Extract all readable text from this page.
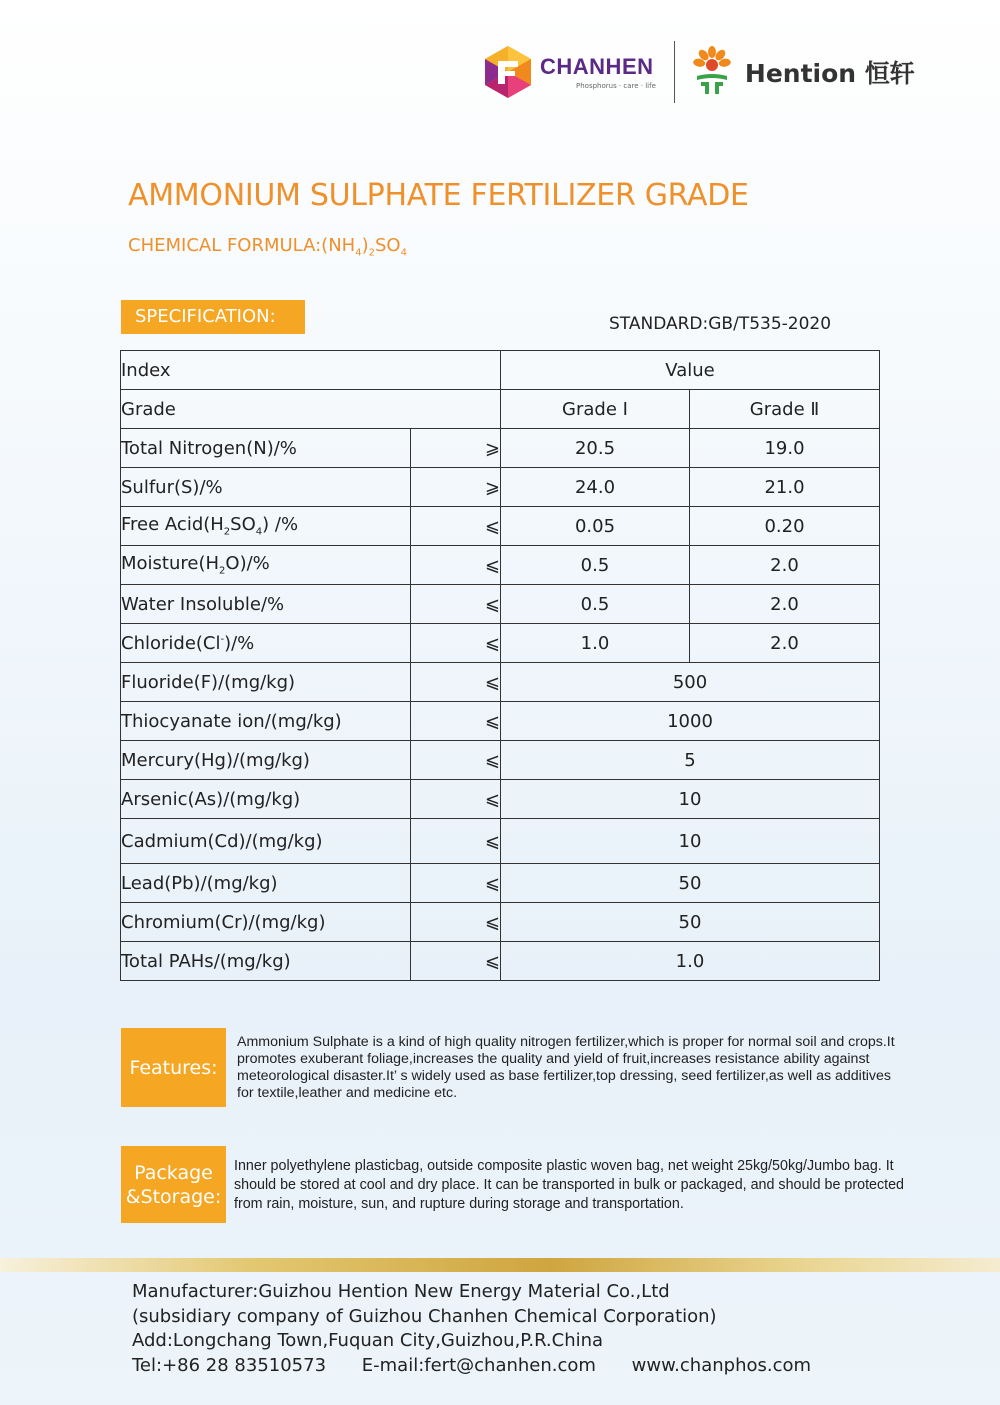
CHANHEN
Phosphorus · care · life	Hention 恒轩
AMMONIUM SULPHATE FERTILIZER GRADE
CHEMICAL $FORMULA:(NH_4)_2SO_4$
SPECIFICATION:	STANDARD:GB/T535-2020
Index		Value	
Grade		Grade Ⅰ	Grade Ⅱ
Total Nitrogen(N)/%	⩾	20.5	19.0
Sulfur(S)/%	⩾	24.0	21.0
Free $Acid(H_2SO_4)$ /%	⩽	0.05	0.20
$Moisture(H_2O)/\%$	⩽	0.5	2.0
Water Insoluble/%	⩽	0.5	2.0
Chloride(Cl-)/%	⩽	1.0	2.0
Fluoride(F)/(mg/kg)	⩽	500	
Thiocyanate ion/(mg/kg)	⩽	1000	
Mercury(Hg)/(mg/kg)	⩽	5	
Arsenic(As)/(mg/kg)	⩽	10	
Cadmium(Cd)/(mg/kg)	⩽	10	
Lead(Pb)/(mg/kg)	⩽	50	
Chromium(Cr)/(mg/kg)	⩽	50	
Total PAHs/(mg/kg)	⩽	1.0	
Features:
Ammonium Sulphate is a kind of high quality nitrogen fertilizer,which is proper for normal soil and crops.It promotes exuberant foliage,increases the quality and yield of fruit,increases resistance ability against meteorological disaster.It’ s widely used as base fertilizer,top dressing, seed fertilizer,as well as additives for textile,leather and medicine etc.
Package
&Storage:
Inner polyethylene plasticbag, outside composite plastic woven bag, net weight 25kg/50kg/Jumbo bag. It should be stored at cool and dry place. It can be transported in bulk or packaged, and should be protected from rain, moisture, sun, and rupture during storage and transportation.
Manufacturer:Guizhou Hention New Energy Material Co.,Ltd
(subsidiary company of Guizhou Chanhen Chemical Corporation)
Add:Longchang Town,Fuquan City,Guizhou,P.R.China
Tel:+86 28 83510573 E-mail:fert@chanhen.com www.chanphos.com
